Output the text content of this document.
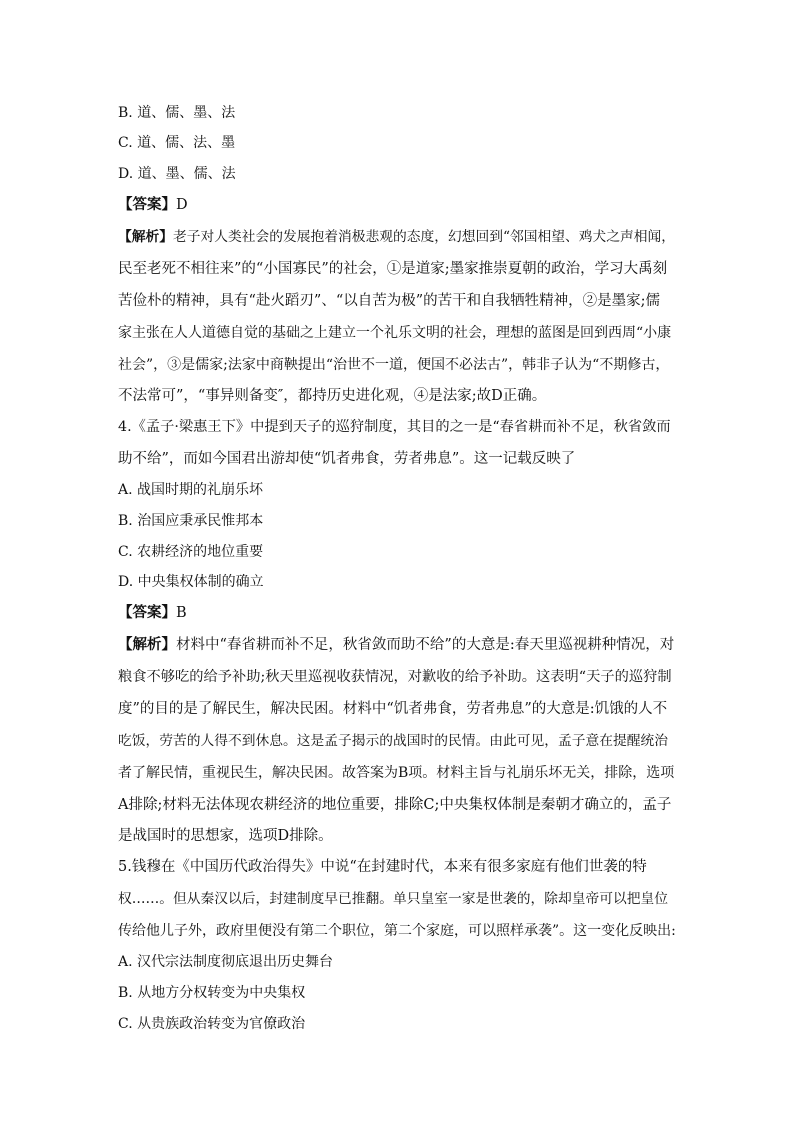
B. 道、儒、墨、法
C. 道、儒、法、墨
D. 道、墨、儒、法
【答案】D
【解析】老子对人类社会的发展抱着消极悲观的态度，幻想回到“邻国相望、鸡犬之声相闻，
民至老死不相往来”的“小国寡民”的社会，①是道家;墨家推崇夏朝的政治，学习大禹刻
苦俭朴的精神，具有“赴火蹈刃”、“以自苦为极”的苦干和自我牺牲精神，②是墨家;儒
家主张在人人道德自觉的基础之上建立一个礼乐文明的社会，理想的蓝图是回到西周“小康
社会”，③是儒家;法家中商鞅提出“治世不一道，便国不必法古”，韩非子认为“不期修古，
不法常可”，“事异则备变″，都持历史进化观，④是法家;故D正确。
4.《孟子·梁惠王下》中提到天子的巡狩制度，其目的之一是“春省耕而补不足，秋省敛而
助不给”，而如今国君出游却使“饥者弗食，劳者弗息”。这一记载反映了
A. 战国时期的礼崩乐坏
B. 治国应秉承民惟邦本
C. 农耕经济的地位重要
D. 中央集权体制的确立
【答案】B
【解析】材料中“春省耕而补不足，秋省敛而助不给”的大意是:春天里巡视耕种情况，对
粮食不够吃的给予补助;秋天里巡视收获情况，对歉收的给予补助。这表明“天子的巡狩制
度”的目的是了解民生，解决民困。材料中“饥者弗食，劳者弗息”的大意是:饥饿的人不
吃饭，劳苦的人得不到休息。这是孟子揭示的战国时的民情。由此可见，孟子意在提醒统治
者了解民情，重视民生，解决民困。故答案为B项。材料主旨与礼崩乐坏无关，排除，选项
A排除;材料无法体现农耕经济的地位重要，排除C;中央集权体制是秦朝才确立的，孟子
是战国时的思想家，选项D排除。
5.钱穆在《中国历代政治得失》中说“在封建时代，本来有很多家庭有他们世袭的特
权……。但从秦汉以后，封建制度早已推翻。单只皇室一家是世袭的，除却皇帝可以把皇位
传给他儿子外，政府里便没有第二个职位，第二个家庭，可以照样承袭”。这一变化反映出:
A. 汉代宗法制度彻底退出历史舞台
B. 从地方分权转变为中央集权
C. 从贵族政治转变为官僚政治
